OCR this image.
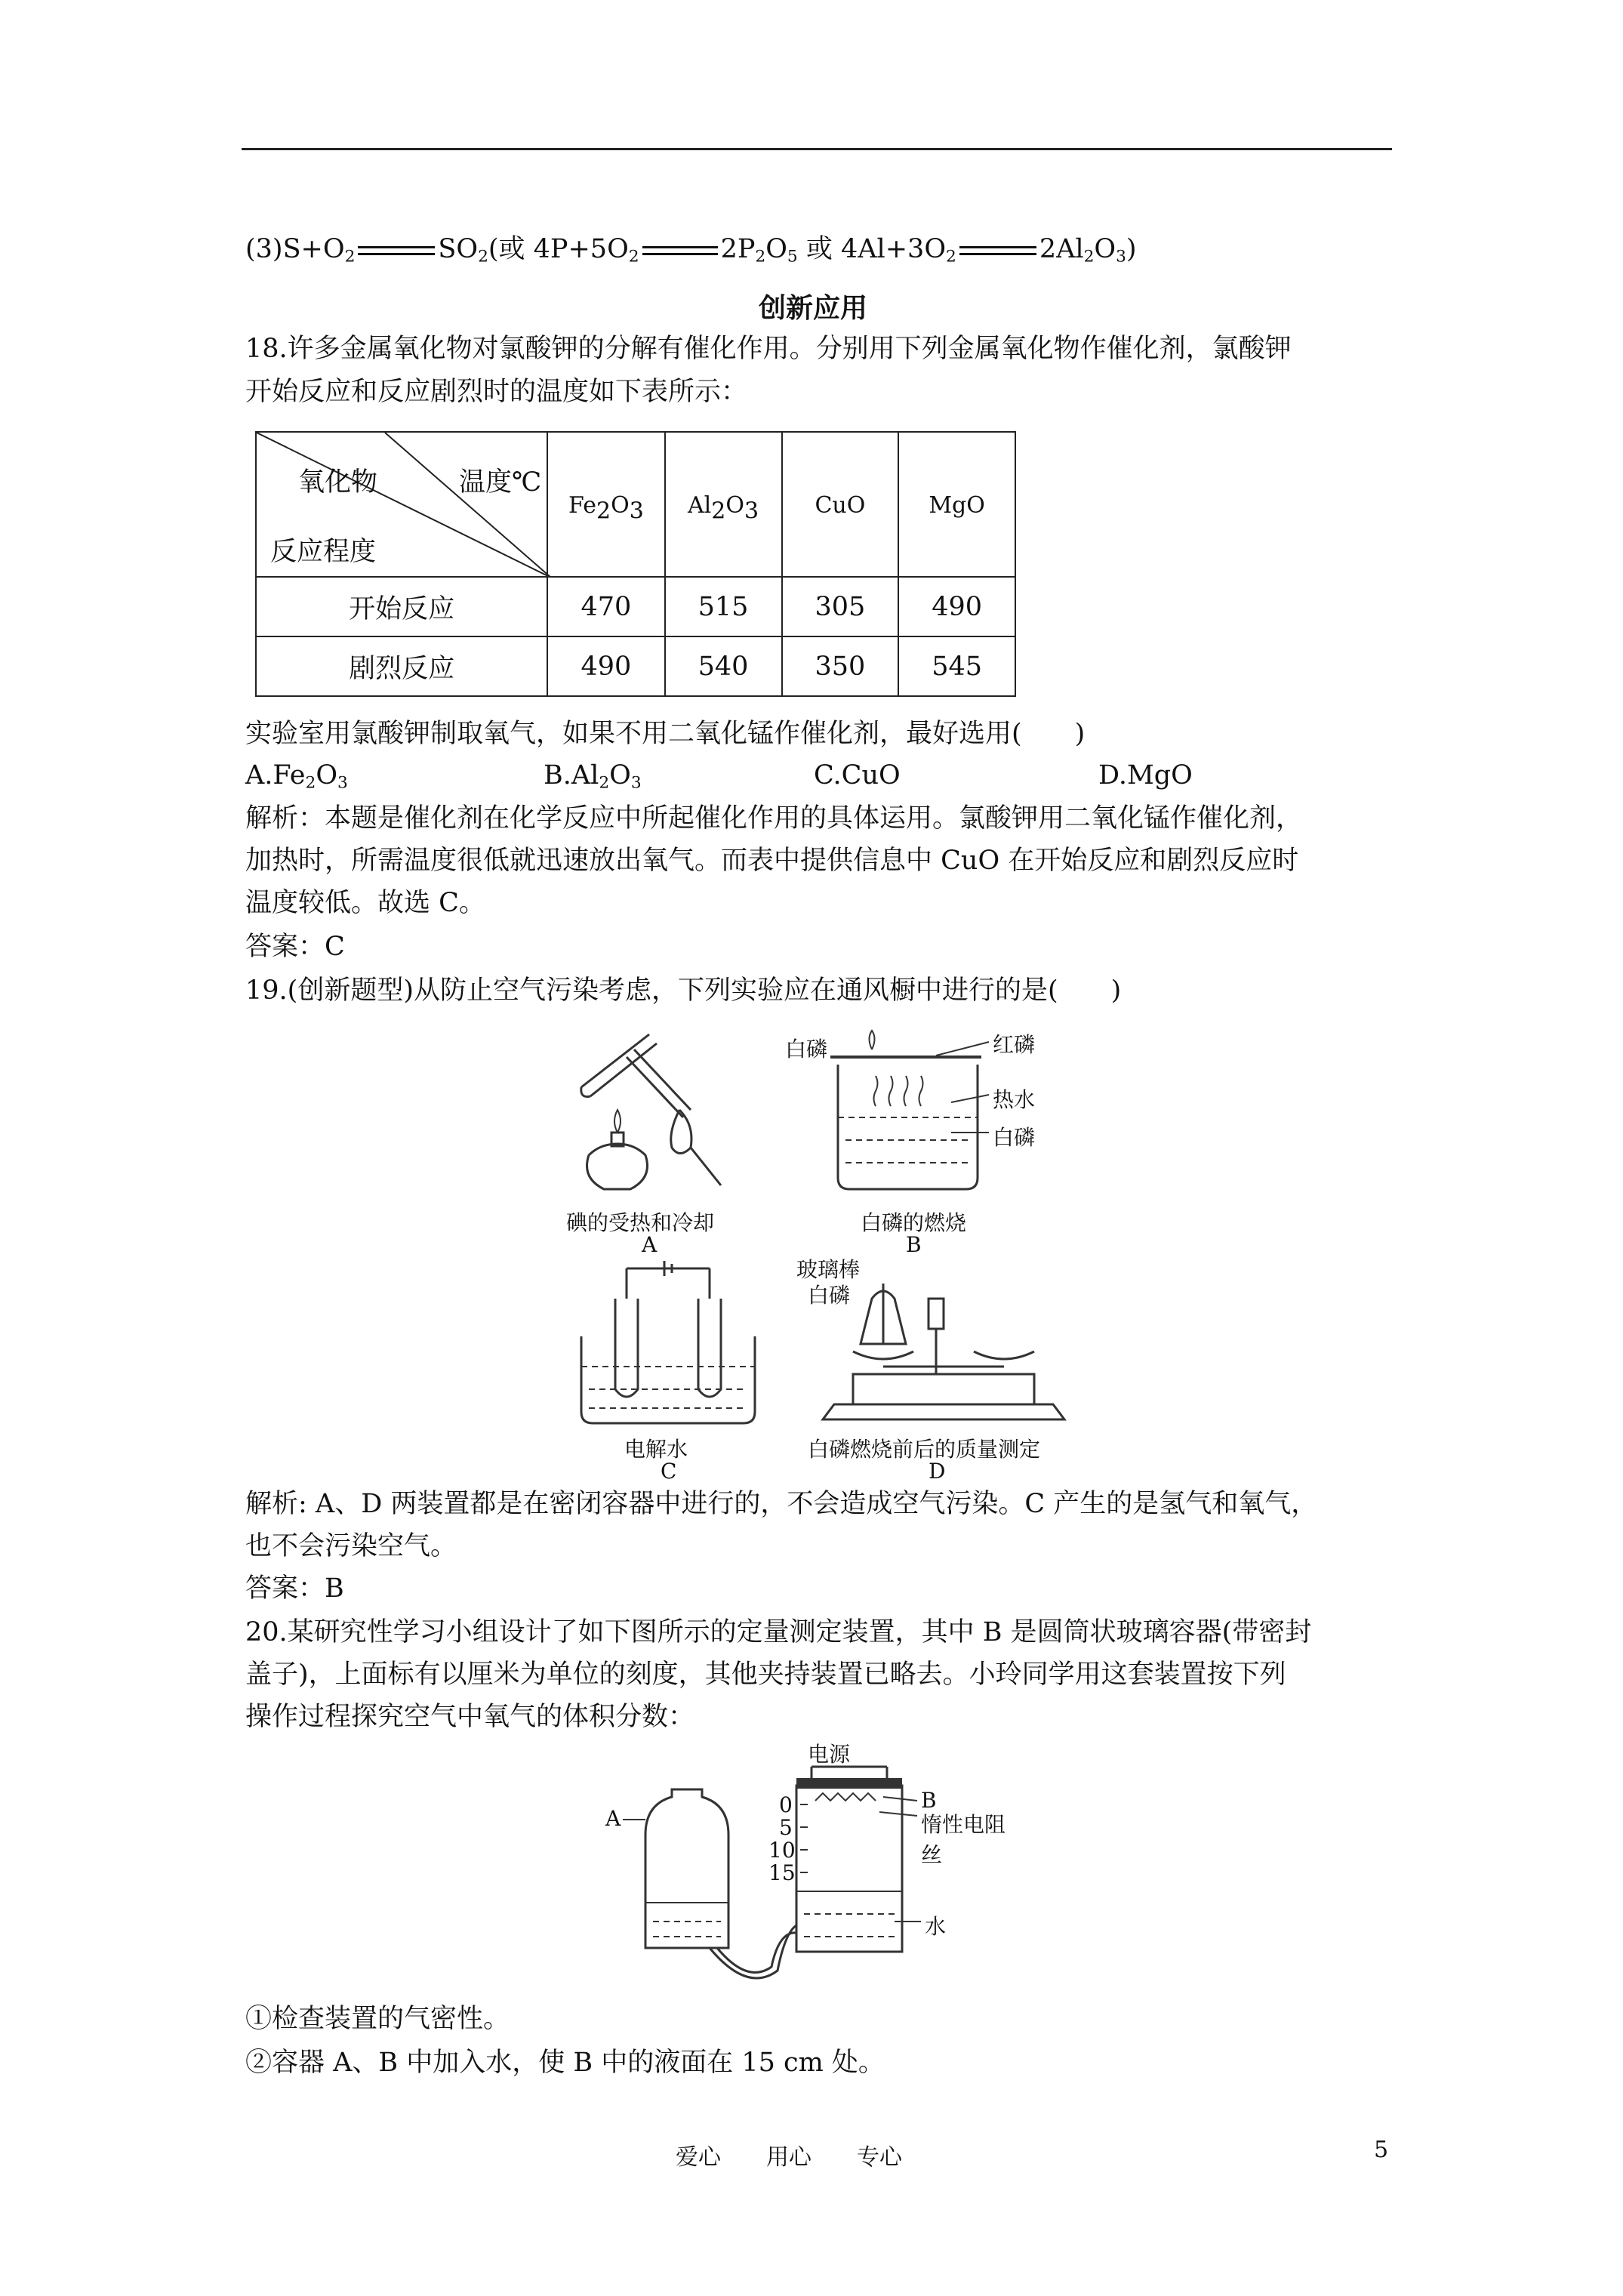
$(3)S+O_2$	$SO_2$(或 $4P+5O_2$	$2P_2O_5$ 或 $4Al+3O_2$	$2Al_2O_3$)
创新应用
18.许多金属氧化物对氯酸钾的分解有催化作用。分别用下列金属氧化物作催化剂，氯酸钾
开始反应和反应剧烈时的温度如下表所示：
氧化物 温度℃
反应程度	$Fe_2O_3$	$Al_2O_3$	CuO	MgO
开始反应	470	515	305	490
剧烈反应	490	540	350	545
实验室用氯酸钾制取氧气，如果不用二氧化锰作催化剂，最好选用(　　)
$A.Fe_2O_3$	$B.Al_2O_3$	C.CuO	D.MgO
解析：本题是催化剂在化学反应中所起催化作用的具体运用。氯酸钾用二氧化锰作催化剂，
加热时，所需温度很低就迅速放出氧气。而表中提供信息中 CuO 在开始反应和剧烈反应时
温度较低。故选 C。
答案：C
19.(创新题型)从防止空气污染考虑，下列实验应在通风橱中进行的是(　　)
碘的受热和冷却
A
白磷	红磷
热水
白磷
白磷的燃烧
B
电解水
C
玻璃棒
白磷
白磷燃烧前后的质量测定
D
解析: A、D 两装置都是在密闭容器中进行的，不会造成空气污染。C 产生的是氢气和氧气，
也不会污染空气。
答案：B
20.某研究性学习小组设计了如下图所示的定量测定装置，其中 B 是圆筒状玻璃容器(带密封
盖子)，上面标有以厘米为单位的刻度，其他夹持装置已略去。小玲同学用这套装置按下列
操作过程探究空气中氧气的体积分数：
电源
A
B
惰性电阻丝
水
0
5
10
15
①检查装置的气密性。
②容器 A、B 中加入水，使 B 中的液面在 15 cm 处。
爱心　　用心　　专心	5
